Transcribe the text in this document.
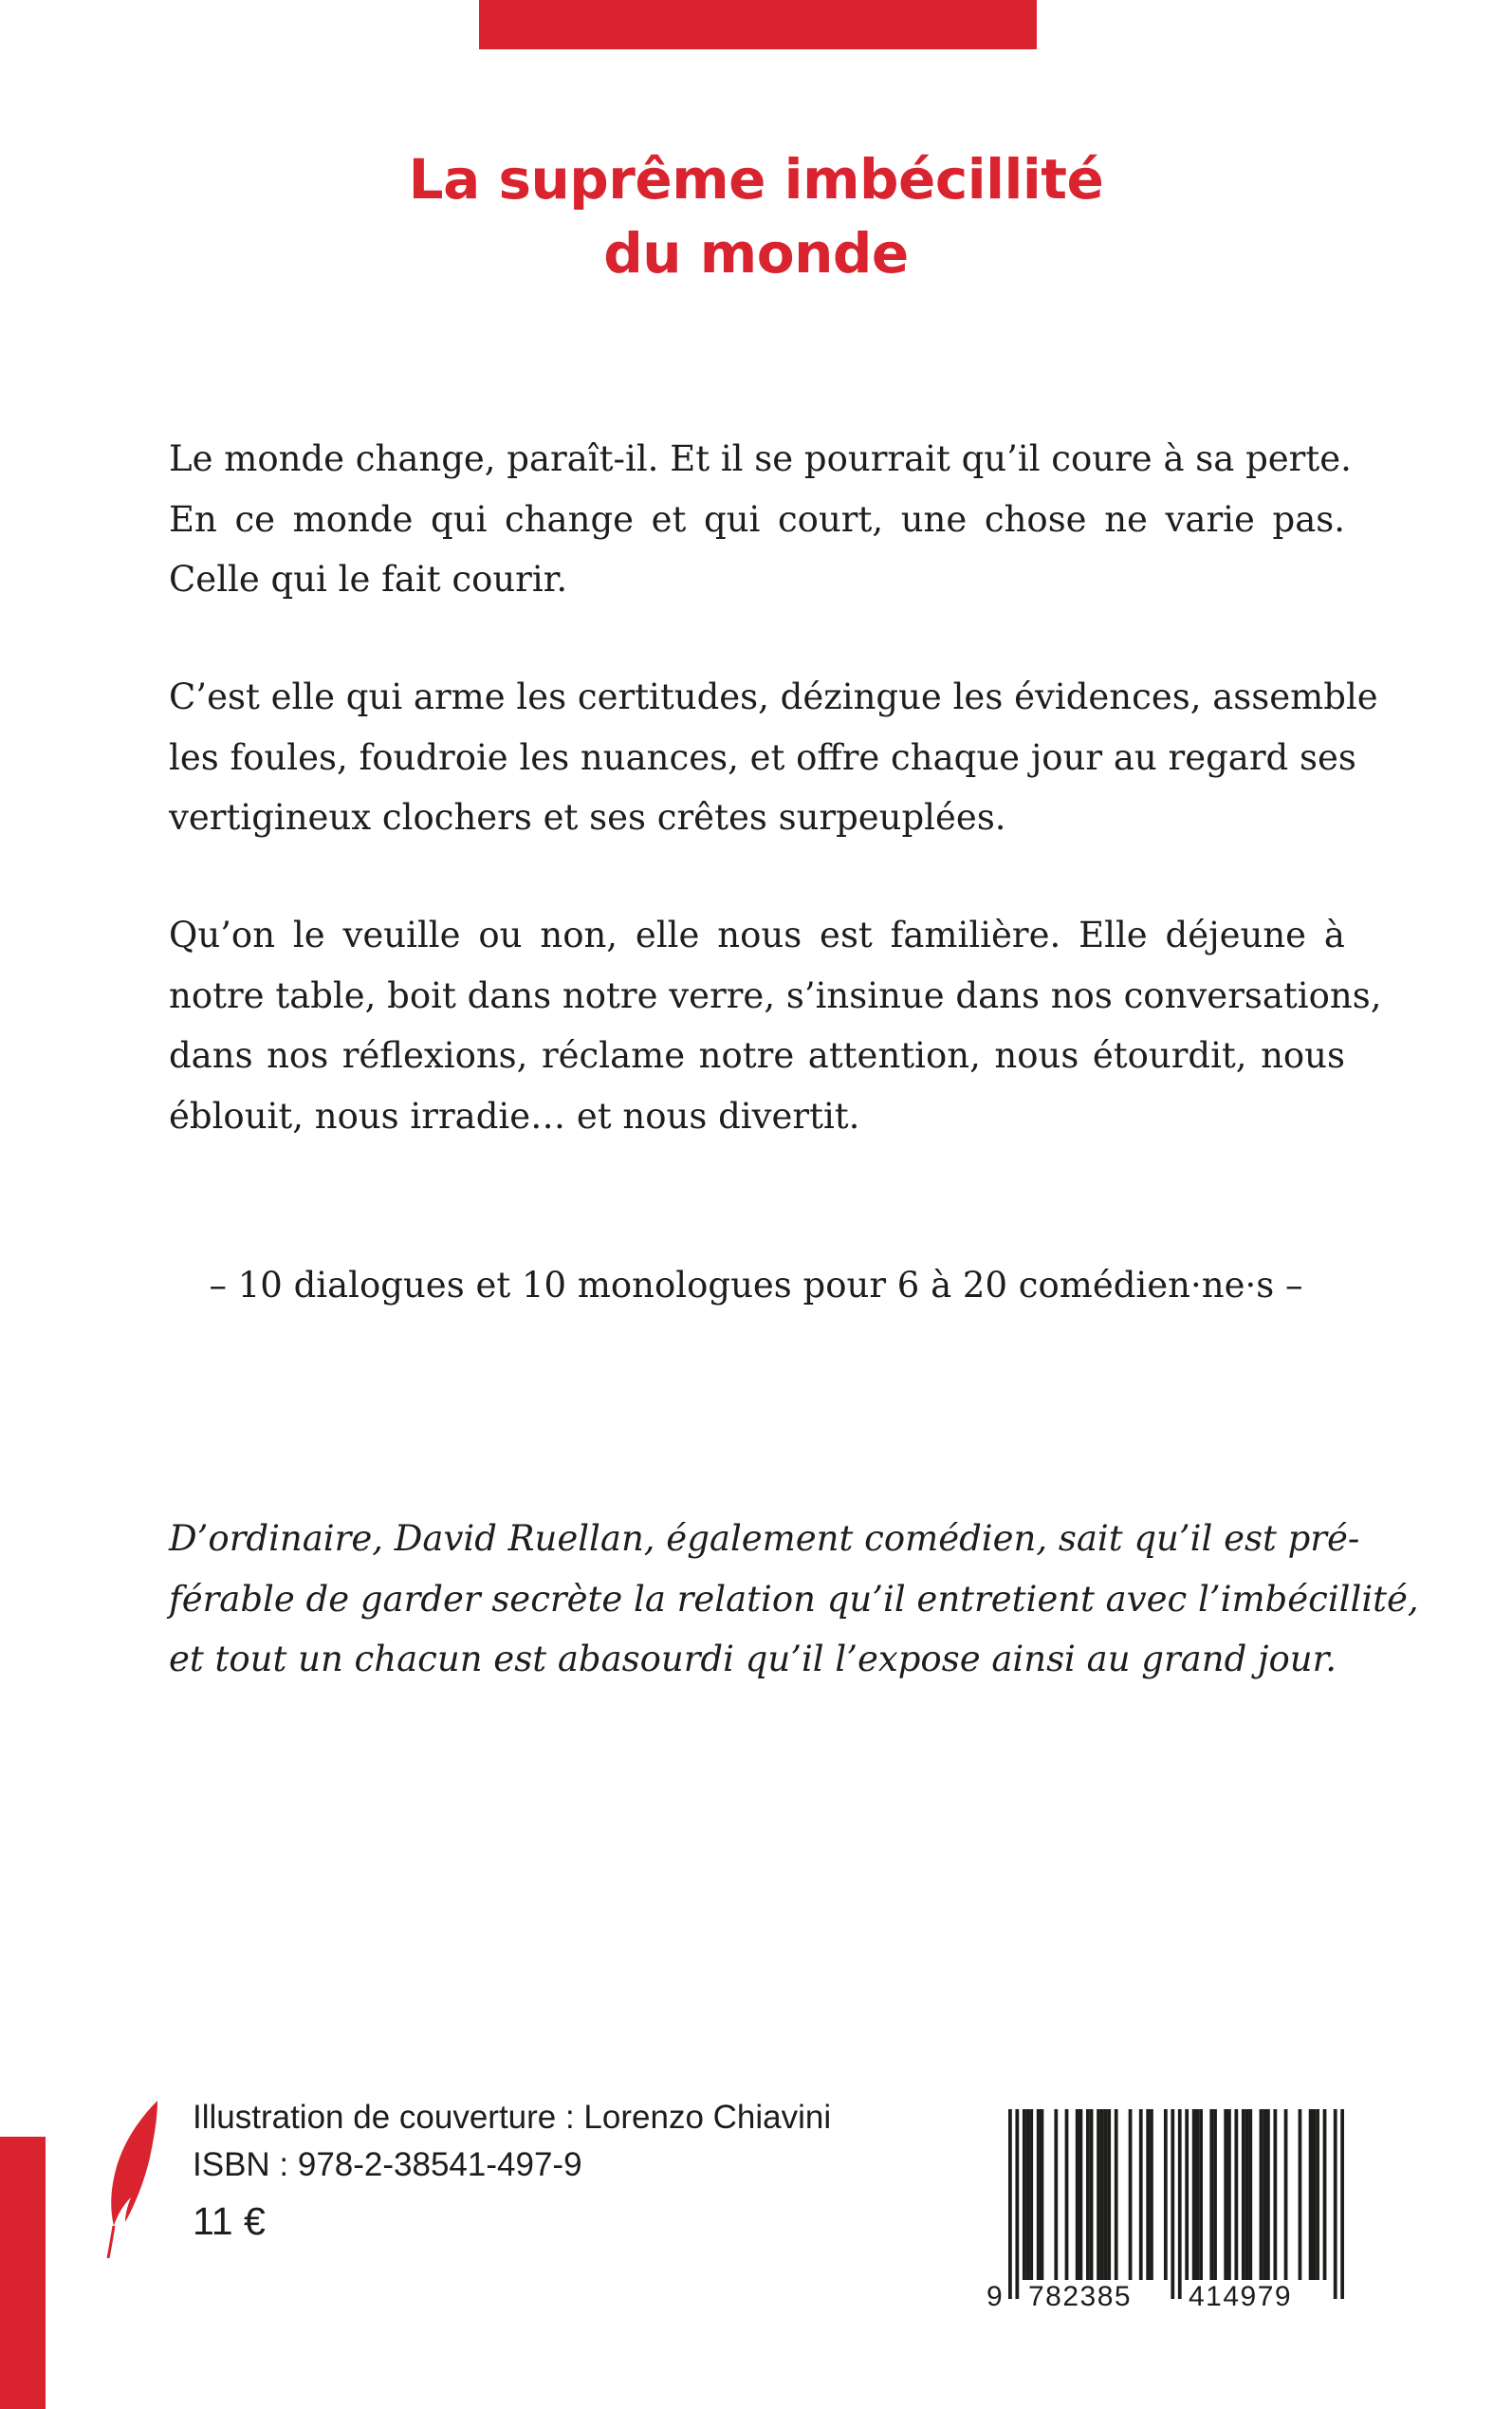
La suprême imbécillité
du monde
Le monde change, paraît-il. Et il se pourrait qu’il coure à sa perte.
En ce monde qui change et qui court, une chose ne varie pas.
Celle qui le fait courir.
C’est elle qui arme les certitudes, dézingue les évidences, assemble
les foules, foudroie les nuances, et offre chaque jour au regard ses
vertigineux clochers et ses crêtes surpeuplées.
Qu’on le veuille ou non, elle nous est familière. Elle déjeune à
notre table, boit dans notre verre, s’insinue dans nos conversations,
dans nos réflexions, réclame notre attention, nous étourdit, nous
éblouit, nous irradie… et nous divertit.
– 10 dialogues et 10 monologues pour 6 à 20 comédien·ne·s –
D’ordinaire, David Ruellan, également comédien, sait qu’il est pré-
férable de garder secrète la relation qu’il entretient avec l’imbécillité,
et tout un chacun est abasourdi qu’il l’expose ainsi au grand jour.
Illustration de couverture : Lorenzo Chiavini
ISBN : 978-2-38541-497-9
11 €
9 782385 414979
